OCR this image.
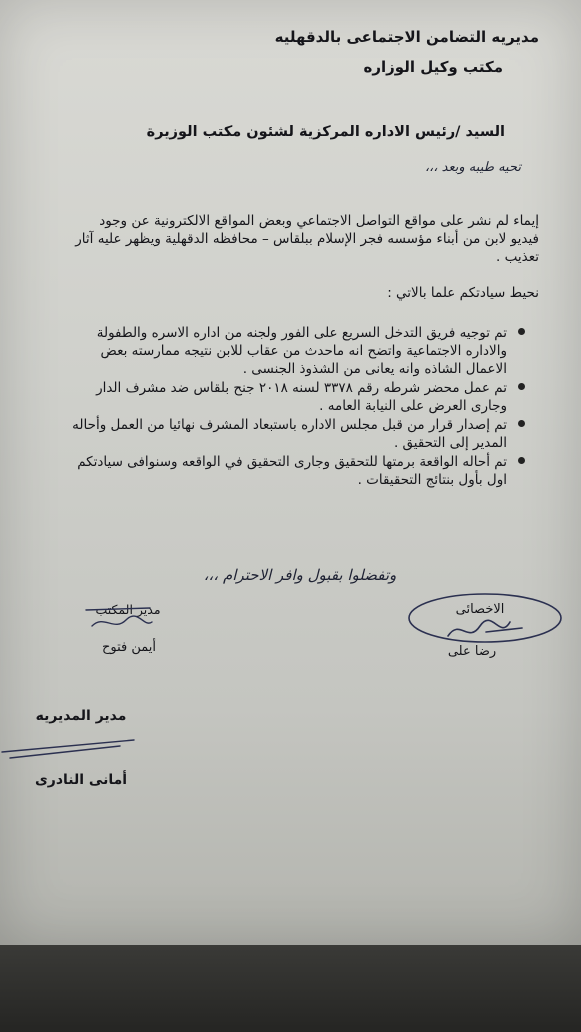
مديريه التضامن الاجتماعى بالدقهليه
مكتب وكيل الوزاره
السيد /رئيس الاداره المركزية لشئون مكتب الوزيرة
تحيه طيبه وبعد ،،،
إيماء لم نشر على مواقع التواصل الاجتماعي وبعض المواقع الالكترونية عن وجود
فيديو لابن من أبناء مؤسسه فجر الإسلام ببلقاس – محافظه الدقهلية ويظهر عليه آثار
تعذيب .
نحيط سيادتكم علما بالاتي :
تم توجيه فريق التدخل السريع على الفور ولجنه من اداره الاسره والطفولة
والاداره الاجتماعية واتضح انه ماحدث من عقاب للابن نتيجه ممارسته بعض
الاعمال الشاذه وانه يعانى من الشذوذ الجنسى .
تم عمل محضر شرطه رقم ٣٣٧٨ لسنه ٢٠١٨ جنح بلقاس ضد مشرف الدار
وجارى العرض على النيابة العامه .
تم إصدار قرار من قبل مجلس الاداره باستبعاد المشرف نهائيا من العمل وأحاله
المدير إلى التحقيق .
تم أحاله الواقعة برمتها للتحقيق وجارى التحقيق في الواقعه وسنوافى سيادتكم
اول بأول بنتائج التحقيقات .
وتفضلوا بقبول وافر الاحترام ،،،
الاخصائى
رضا على
مدير المكتب
أيمن فتوح
مدير المديريه
أمانى النادرى
